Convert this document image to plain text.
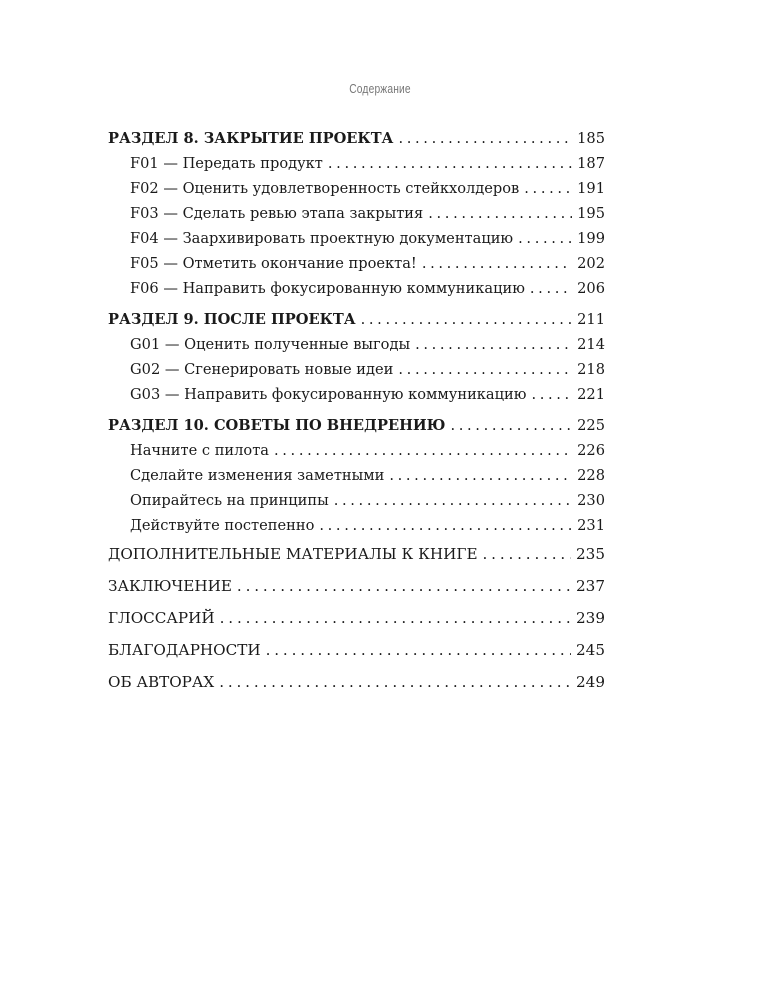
Содержание
РАЗДЕЛ 8. ЗАКРЫТИЕ ПРОЕКТА . . .	185
F01 — Передать продукт . . .	187
F02 — Оценить удовлетворенность стейкхолдеров . . .	191
F03 — Сделать ревью этапа закрытия . . .	195
F04 — Заархивировать проектную документацию . . .	199
F05 — Отметить окончание проекта! . . .	202
F06 — Направить фокусированную коммуникацию . . .	206
РАЗДЕЛ 9. ПОСЛЕ ПРОЕКТА . . .	211
G01 — Оценить полученные выгоды . . .	214
G02 — Сгенерировать новые идеи . . .	218
G03 — Направить фокусированную коммуникацию . . .	221
РАЗДЕЛ 10. СОВЕТЫ ПО ВНЕДРЕНИЮ . . .	225
Начните с пилота . . .	226
Сделайте изменения заметными . . .	228
Опирайтесь на принципы . . .	230
Действуйте постепенно . . .	231
ДОПОЛНИТЕЛЬНЫЕ МАТЕРИАЛЫ К КНИГЕ . . .	235
ЗАКЛЮЧЕНИЕ . . .	237
ГЛОССАРИЙ . . .	239
БЛАГОДАРНОСТИ . . .	245
ОБ АВТОРАХ . . .	249
